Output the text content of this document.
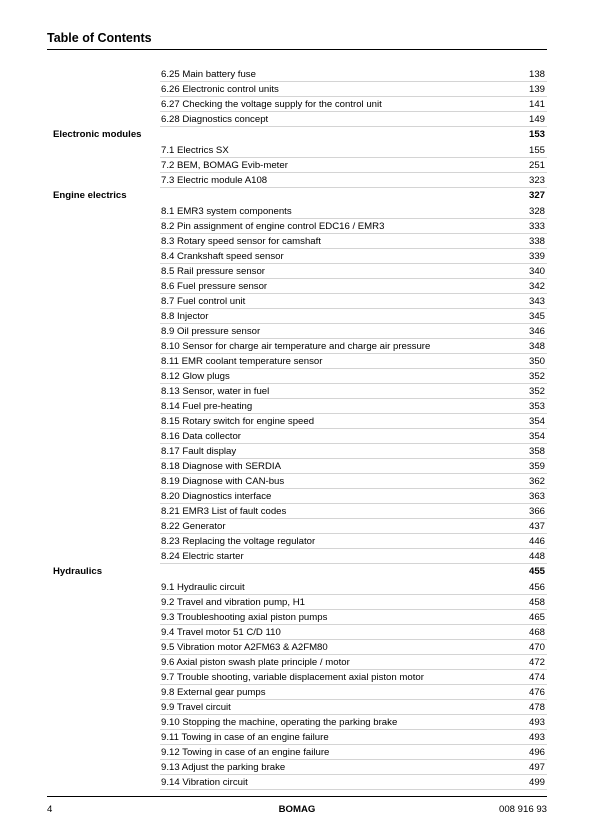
Table of Contents
6.25 Main battery fuse	138
6.26 Electronic control units	139
6.27 Checking the voltage supply for the control unit	141
6.28 Diagnostics concept	149
Electronic modules	153
7.1 Electrics SX	155
7.2 BEM, BOMAG Evib-meter	251
7.3 Electric module A108	323
Engine electrics	327
8.1 EMR3 system components	328
8.2 Pin assignment of engine control EDC16 / EMR3	333
8.3 Rotary speed sensor for camshaft	338
8.4 Crankshaft speed sensor	339
8.5 Rail pressure sensor	340
8.6 Fuel pressure sensor	342
8.7 Fuel control unit	343
8.8 Injector	345
8.9 Oil pressure sensor	346
8.10 Sensor for charge air temperature and charge air pressure	348
8.11 EMR coolant temperature sensor	350
8.12 Glow plugs	352
8.13 Sensor, water in fuel	352
8.14 Fuel pre-heating	353
8.15 Rotary switch for engine speed	354
8.16 Data collector	354
8.17 Fault display	358
8.18 Diagnose with SERDIA	359
8.19 Diagnose with CAN-bus	362
8.20 Diagnostics interface	363
8.21 EMR3 List of fault codes	366
8.22 Generator	437
8.23 Replacing the voltage regulator	446
8.24 Electric starter	448
Hydraulics	455
9.1 Hydraulic circuit	456
9.2 Travel and vibration pump, H1	458
9.3 Troubleshooting axial piston pumps	465
9.4 Travel motor 51 C/D 110	468
9.5 Vibration motor A2FM63 & A2FM80	470
9.6 Axial piston swash plate principle / motor	472
9.7 Trouble shooting, variable displacement axial piston motor	474
9.8 External gear pumps	476
9.9 Travel circuit	478
9.10 Stopping the machine, operating the parking brake	493
9.11 Towing in case of an engine failure	493
9.12 Towing in case of an engine failure	496
9.13 Adjust the parking brake	497
9.14 Vibration circuit	499
4	BOMAG	008 916 93
